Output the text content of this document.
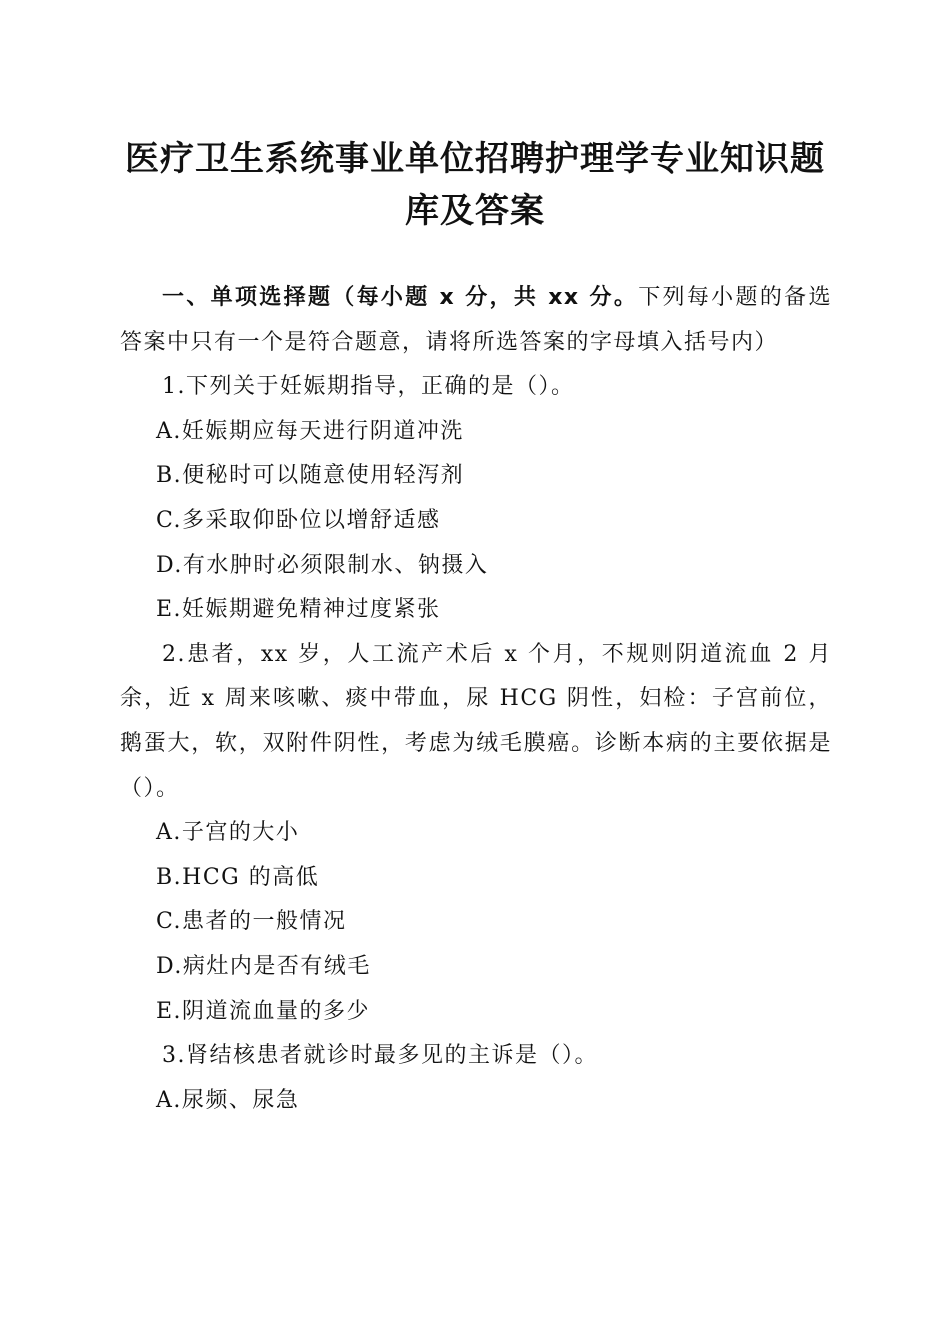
医疗卫生系统事业单位招聘护理学专业知识题
库及答案

一、单项选择题（每小题 x 分，共 xx 分。下列每小题的备选答案中只有一个是符合题意，请将所选答案的字母填入括号内）

1.下列关于妊娠期指导，正确的是（）。

A.妊娠期应每天进行阴道冲洗

B.便秘时可以随意使用轻泻剂

C.多采取仰卧位以增舒适感

D.有水肿时必须限制水、钠摄入

E.妊娠期避免精神过度紧张

2.患者，xx 岁，人工流产术后 x 个月，不规则阴道流血 2 月余，近 x 周来咳嗽、痰中带血，尿 HCG 阴性，妇检：子宫前位，鹅蛋大，软，双附件阴性，考虑为绒毛膜癌。诊断本病的主要依据是（）。

A.子宫的大小

B.HCG 的高低

C.患者的一般情况

D.病灶内是否有绒毛

E.阴道流血量的多少

3.肾结核患者就诊时最多见的主诉是（）。

A.尿频、尿急
